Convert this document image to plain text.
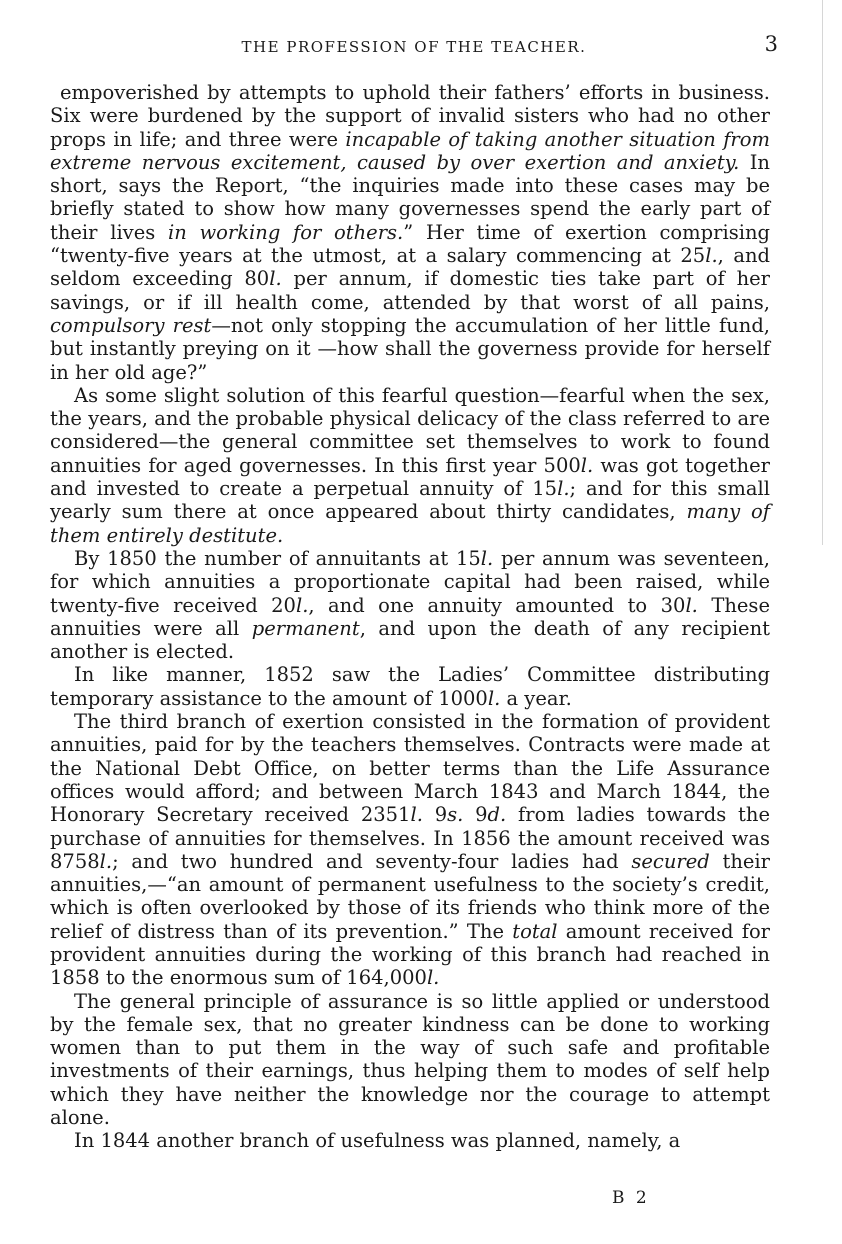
THE PROFESSION OF THE TEACHER.	3

empoverished by attempts to uphold their fathers’ efforts in business. Six were burdened by the support of invalid sisters who had no other props in life; and three were incapable of taking another situation from extreme nervous excitement, caused by over exertion and anxiety. In short, says the Report, “the inquiries made into these cases may be briefly stated to show how many governesses spend the early part of their lives in working for others.” Her time of exertion comprising “twenty-five years at the utmost, at a salary commencing at 25l., and seldom exceeding 80l. per annum, if domestic ties take part of her savings, or if ill health come, attended by that worst of all pains, compulsory rest—not only stopping the accumulation of her little fund, but instantly preying on it —how shall the governess provide for herself in her old age?”

As some slight solution of this fearful question—fearful when the sex, the years, and the probable physical delicacy of the class referred to are considered—the general committee set themselves to work to found annuities for aged governesses. In this first year 500l. was got together and invested to create a perpetual annuity of 15l.; and for this small yearly sum there at once appeared about thirty candidates, many of them entirely destitute.

By 1850 the number of annuitants at 15l. per annum was seventeen, for which annuities a proportionate capital had been raised, while twenty-five received 20l., and one annuity amounted to 30l. These annuities were all permanent, and upon the death of any recipient another is elected.

In like manner, 1852 saw the Ladies’ Committee distributing temporary assistance to the amount of 1000l. a year.

The third branch of exertion consisted in the formation of provident annuities, paid for by the teachers themselves. Contracts were made at the National Debt Office, on better terms than the Life Assurance offices would afford; and between March 1843 and March 1844, the Honorary Secretary received 2351l. 9s. 9d. from ladies towards the purchase of annuities for themselves. In 1856 the amount received was 8758l.; and two hundred and seventy-four ladies had secured their annuities,—“an amount of permanent usefulness to the society’s credit, which is often overlooked by those of its friends who think more of the relief of distress than of its prevention.” The total amount received for provident annuities during the working of this branch had reached in 1858 to the enormous sum of 164,000l.

The general principle of assurance is so little applied or understood by the female sex, that no greater kindness can be done to working women than to put them in the way of such safe and profitable investments of their earnings, thus helping them to modes of self help which they have neither the knowledge nor the courage to attempt alone.

In 1844 another branch of usefulness was planned, namely, a

B 2
